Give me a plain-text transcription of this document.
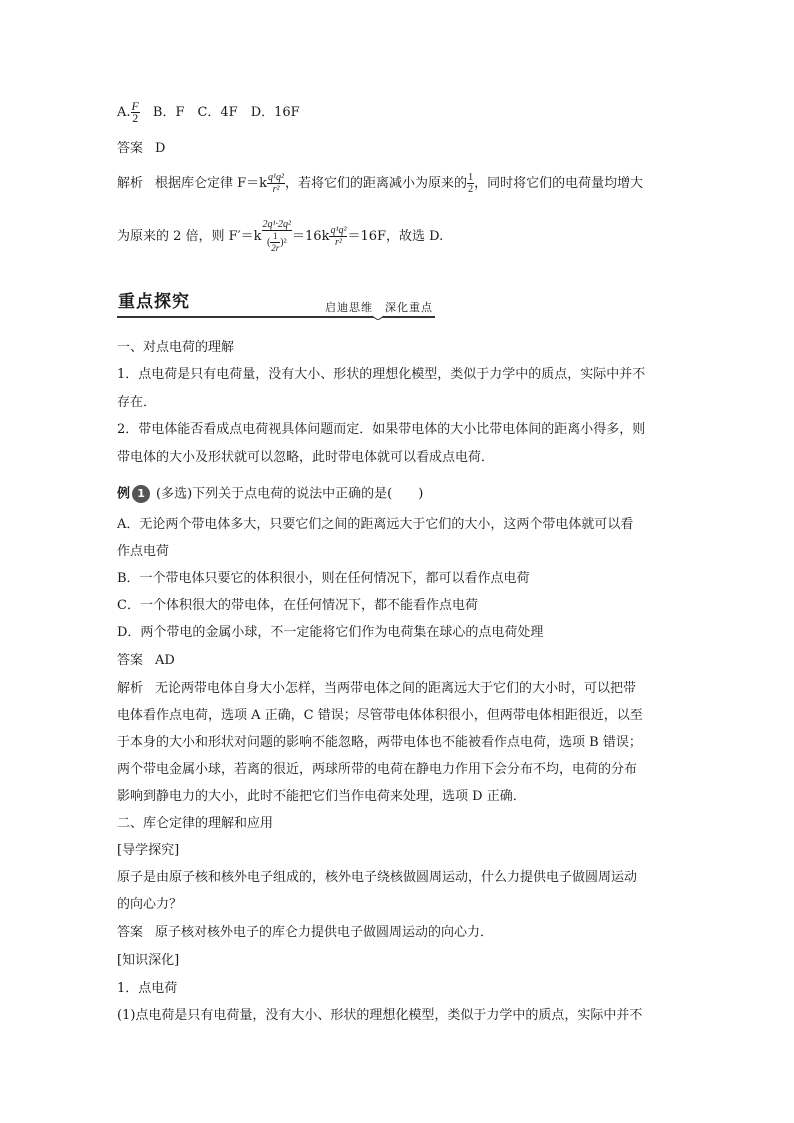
A. $\frac{F}{2}$
　 B．F　C．4F　D．16F
答案 D
解析 根据库仑定律 $F=k \frac{\text{q¹q²}}{\text{r²}}$ ，若将它们的距离减小为原来的 $\frac{1}{2}$ ，同时将它们的电荷量均增大
为原来的 2 倍，则 $F'=k \frac{\text{2q¹·2q²}}{( \frac{1}{2r} )^2} =16k \frac{\text{q¹q²}}{\text{r²}} =16F$，故选 D.
重点探究	启迪思维　深化重点
一、对点电荷的理解
1．点电荷是只有电荷量，没有大小、形状的理想化模型，类似于力学中的质点，实际中并不
存在．
2．带电体能否看成点电荷视具体问题而定．如果带电体的大小比带电体间的距离小得多，则
带电体的大小及形状就可以忽略，此时带电体就可以看成点电荷．
例 1 (多选)下列关于点电荷的说法中正确的是(　　)
A．无论两个带电体多大，只要它们之间的距离远大于它们的大小，这两个带电体就可以看
作点电荷
B．一个带电体只要它的体积很小，则在任何情况下，都可以看作点电荷
C．一个体积很大的带电体，在任何情况下，都不能看作点电荷
D．两个带电的金属小球，不一定能将它们作为电荷集在球心的点电荷处理
答案 AD
解析 无论两带电体自身大小怎样，当两带电体之间的距离远大于它们的大小时，可以把带
电体看作点电荷，选项 A 正确，C 错误；尽管带电体体积很小，但两带电体相距很近，以至
于本身的大小和形状对问题的影响不能忽略，两带电体也不能被看作点电荷，选项 B 错误；
两个带电金属小球，若离的很近，两球所带的电荷在静电力作用下会分布不均，电荷的分布
影响到静电力的大小，此时不能把它们当作电荷来处理，选项 D 正确．
二、库仑定律的理解和应用
[导学探究]
原子是由原子核和核外电子组成的，核外电子绕核做圆周运动，什么力提供电子做圆周运动
的向心力？
答案 原子核对核外电子的库仑力提供电子做圆周运动的向心力．
[知识深化]
1．点电荷
(1)点电荷是只有电荷量，没有大小、形状的理想化模型，类似于力学中的质点，实际中并不
